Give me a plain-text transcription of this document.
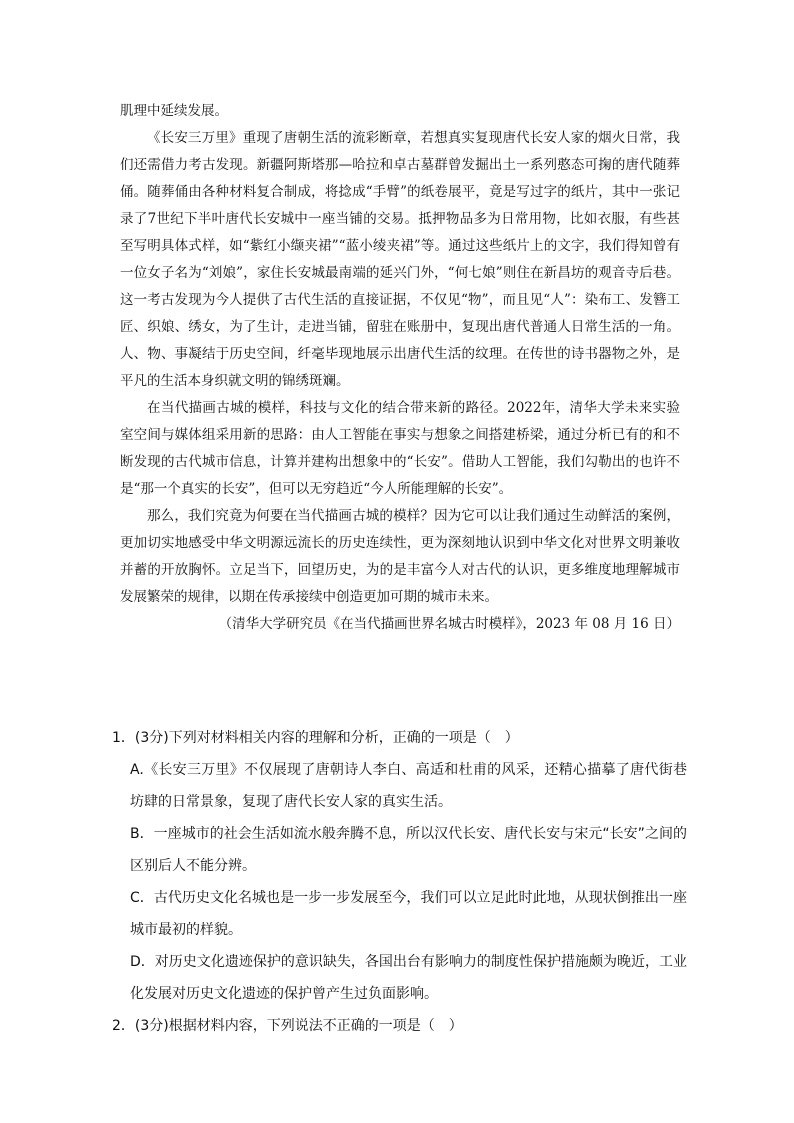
肌理中延续发展。

《长安三万里》重现了唐朝生活的流彩断章，若想真实复现唐代长安人家的烟火日常，我们还需借力考古发现。新疆阿斯塔那—哈拉和卓古墓群曾发掘出土一系列憨态可掬的唐代随葬俑。随葬俑由各种材料复合制成，将捻成“手臂”的纸卷展平，竟是写过字的纸片，其中一张记录了7世纪下半叶唐代长安城中一座当铺的交易。抵押物品多为日常用物，比如衣服，有些甚至写明具体式样，如“紫红小缬夹裙”“蓝小绫夹裙”等。通过这些纸片上的文字，我们得知曾有一位女子名为“刘娘”，家住长安城最南端的延兴门外，“何七娘”则住在新昌坊的观音寺后巷。这一考古发现为今人提供了古代生活的直接证据，不仅见“物”，而且见“人”：染布工、发簪工匠、织娘、绣女，为了生计，走进当铺，留驻在账册中，复现出唐代普通人日常生活的一角。人、物、事凝结于历史空间，纤毫毕现地展示出唐代生活的纹理。在传世的诗书器物之外，是平凡的生活本身织就文明的锦绣斑斓。

在当代描画古城的模样，科技与文化的结合带来新的路径。2022年，清华大学未来实验室空间与媒体组采用新的思路：由人工智能在事实与想象之间搭建桥梁，通过分析已有的和不断发现的古代城市信息，计算并建构出想象中的“长安”。借助人工智能，我们勾勒出的也许不是“那一个真实的长安”，但可以无穷趋近“今人所能理解的长安”。

那么，我们究竟为何要在当代描画古城的模样？因为它可以让我们通过生动鲜活的案例，更加切实地感受中华文明源远流长的历史连续性，更为深刻地认识到中华文化对世界文明兼收并蓄的开放胸怀。立足当下，回望历史，为的是丰富今人对古代的认识，更多维度地理解城市发展繁荣的规律，以期在传承接续中创造更加可期的城市未来。

（清华大学研究员《在当代描画世界名城古时模样》，2023 年 08 月 16 日）

1．(3分)下列对材料相关内容的理解和分析，正确的一项是（　）

A.《长安三万里》不仅展现了唐朝诗人李白、高适和杜甫的风采，还精心描摹了唐代街巷坊肆的日常景象，复现了唐代长安人家的真实生活。

B．一座城市的社会生活如流水般奔腾不息，所以汉代长安、唐代长安与宋元“长安”之间的区别后人不能分辨。

C．古代历史文化名城也是一步一步发展至今，我们可以立足此时此地，从现状倒推出一座城市最初的样貌。

D．对历史文化遗迹保护的意识缺失，各国出台有影响力的制度性保护措施颇为晚近，工业化发展对历史文化遗迹的保护曾产生过负面影响。

2．(3分)根据材料内容，下列说法不正确的一项是（　）
